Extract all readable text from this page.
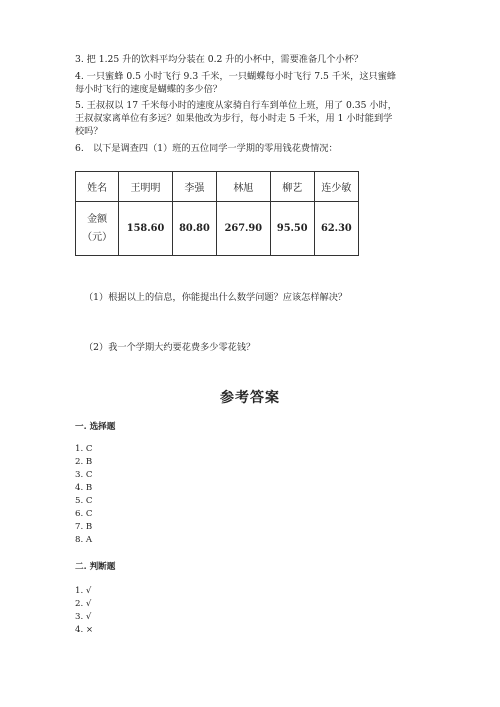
3. 把 1.25 升的饮料平均分装在 0.2 升的小杯中，需要准备几个小杯？
4. 一只蜜蜂 0.5 小时飞行 9.3 千米，一只蝴蝶每小时飞行 7.5 千米，这只蜜蜂
每小时飞行的速度是蝴蝶的多少倍？
5. 王叔叔以 17 千米每小时的速度从家骑自行车到单位上班，用了 0.35 小时，
王叔叔家离单位有多远？如果他改为步行，每小时走 5 千米，用 1 小时能到学
校吗？
6.　以下是调查四（1）班的五位同学一学期的零用钱花费情况：
姓名	王明明	李强	林旭	柳艺	连少敏

金额
（元）	158.60	80.80	267.90	95.50	62.30
（1）根据以上的信息，你能提出什么数学问题？应该怎样解决？
（2）我一个学期大约要花费多少零花钱？
参考答案
一. 选择题
1. C
2. B
3. C
4. B
5. C
6. C
7. B
8. A
二. 判断题
1. √
2. √
3. √
4. ×
